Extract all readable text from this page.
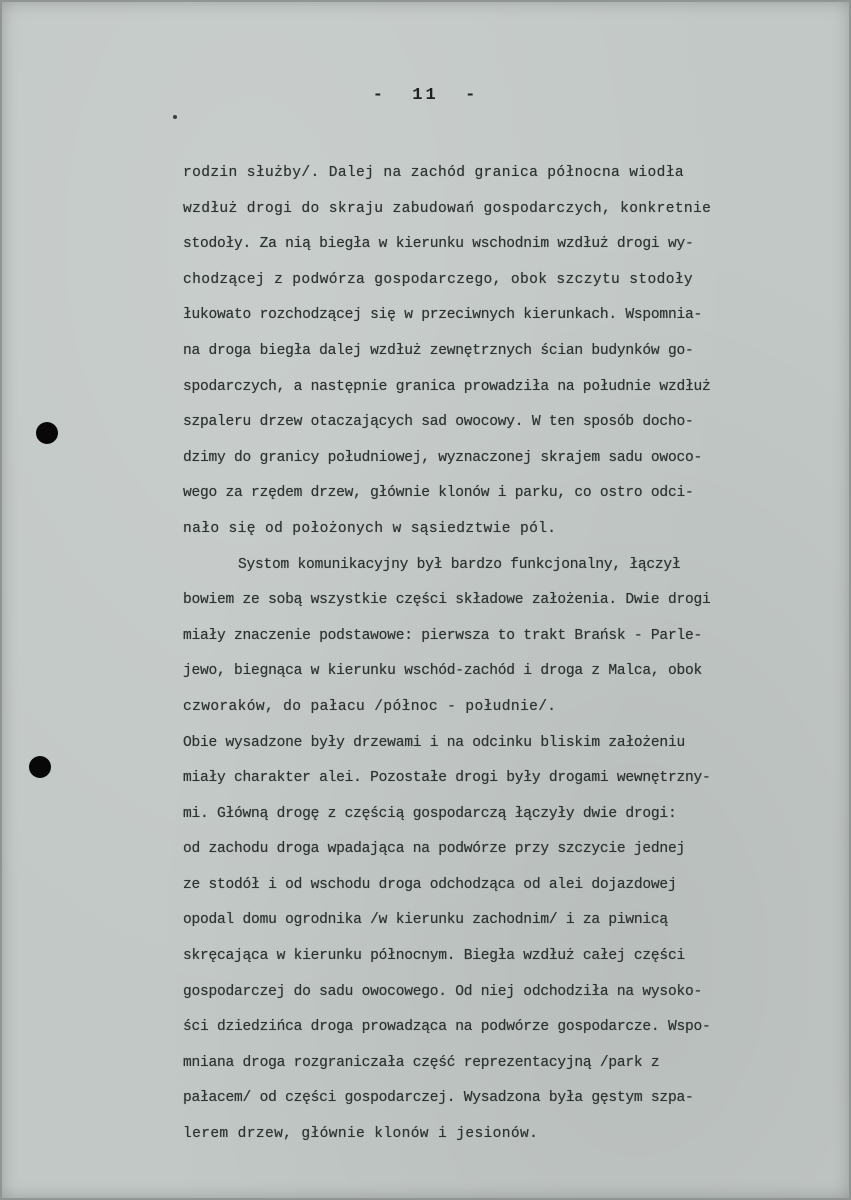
-  11  -
rodzin służby/. Dalej na zachód granica północna wiodła
wzdłuż drogi do skraju zabudowań gospodarczych, konkretnie
stodoły. Za nią biegła w kierunku wschodnim wzdłuż drogi wy-
chodzącej z podwórza gospodarczego, obok szczytu stodoły
łukowato rozchodzącej się w przeciwnych kierunkach. Wspomnia-
na droga biegła dalej wzdłuż zewnętrznych ścian budynków go-
spodarczych, a następnie granica prowadziła na południe wzdłuż
szpaleru drzew otaczających sad owocowy. W ten sposób docho-
dzimy do granicy południowej, wyznaczonej skrajem sadu owoco-
wego za rzędem drzew, głównie klonów i parku, co ostro odci-
nało się od położonych w sąsiedztwie pól.
Systom komunikacyjny był bardzo funkcjonalny, łączył
bowiem ze sobą wszystkie części składowe założenia. Dwie drogi
miały znaczenie podstawowe: pierwsza to trakt Brańsk - Parle-
jewo, biegnąca w kierunku wschód-zachód i droga z Malca, obok
czworaków, do pałacu /północ - południe/.
Obie wysadzone były drzewami i na odcinku bliskim założeniu
miały charakter alei. Pozostałe drogi były drogami wewnętrzny-
mi. Główną drogę z częścią gospodarczą łączyły dwie drogi:
od zachodu droga wpadająca na podwórze przy szczycie jednej
ze stodół i od wschodu droga odchodząca od alei dojazdowej
opodal domu ogrodnika /w kierunku zachodnim/ i za piwnicą
skręcająca w kierunku północnym. Biegła wzdłuż całej części
gospodarczej do sadu owocowego. Od niej odchodziła na wysoko-
ści dziedzińca droga prowadząca na podwórze gospodarcze. Wspo-
mniana droga rozgraniczała część reprezentacyjną /park z
pałacem/ od części gospodarczej. Wysadzona była gęstym szpa-
lerem drzew, głównie klonów i jesionów.
